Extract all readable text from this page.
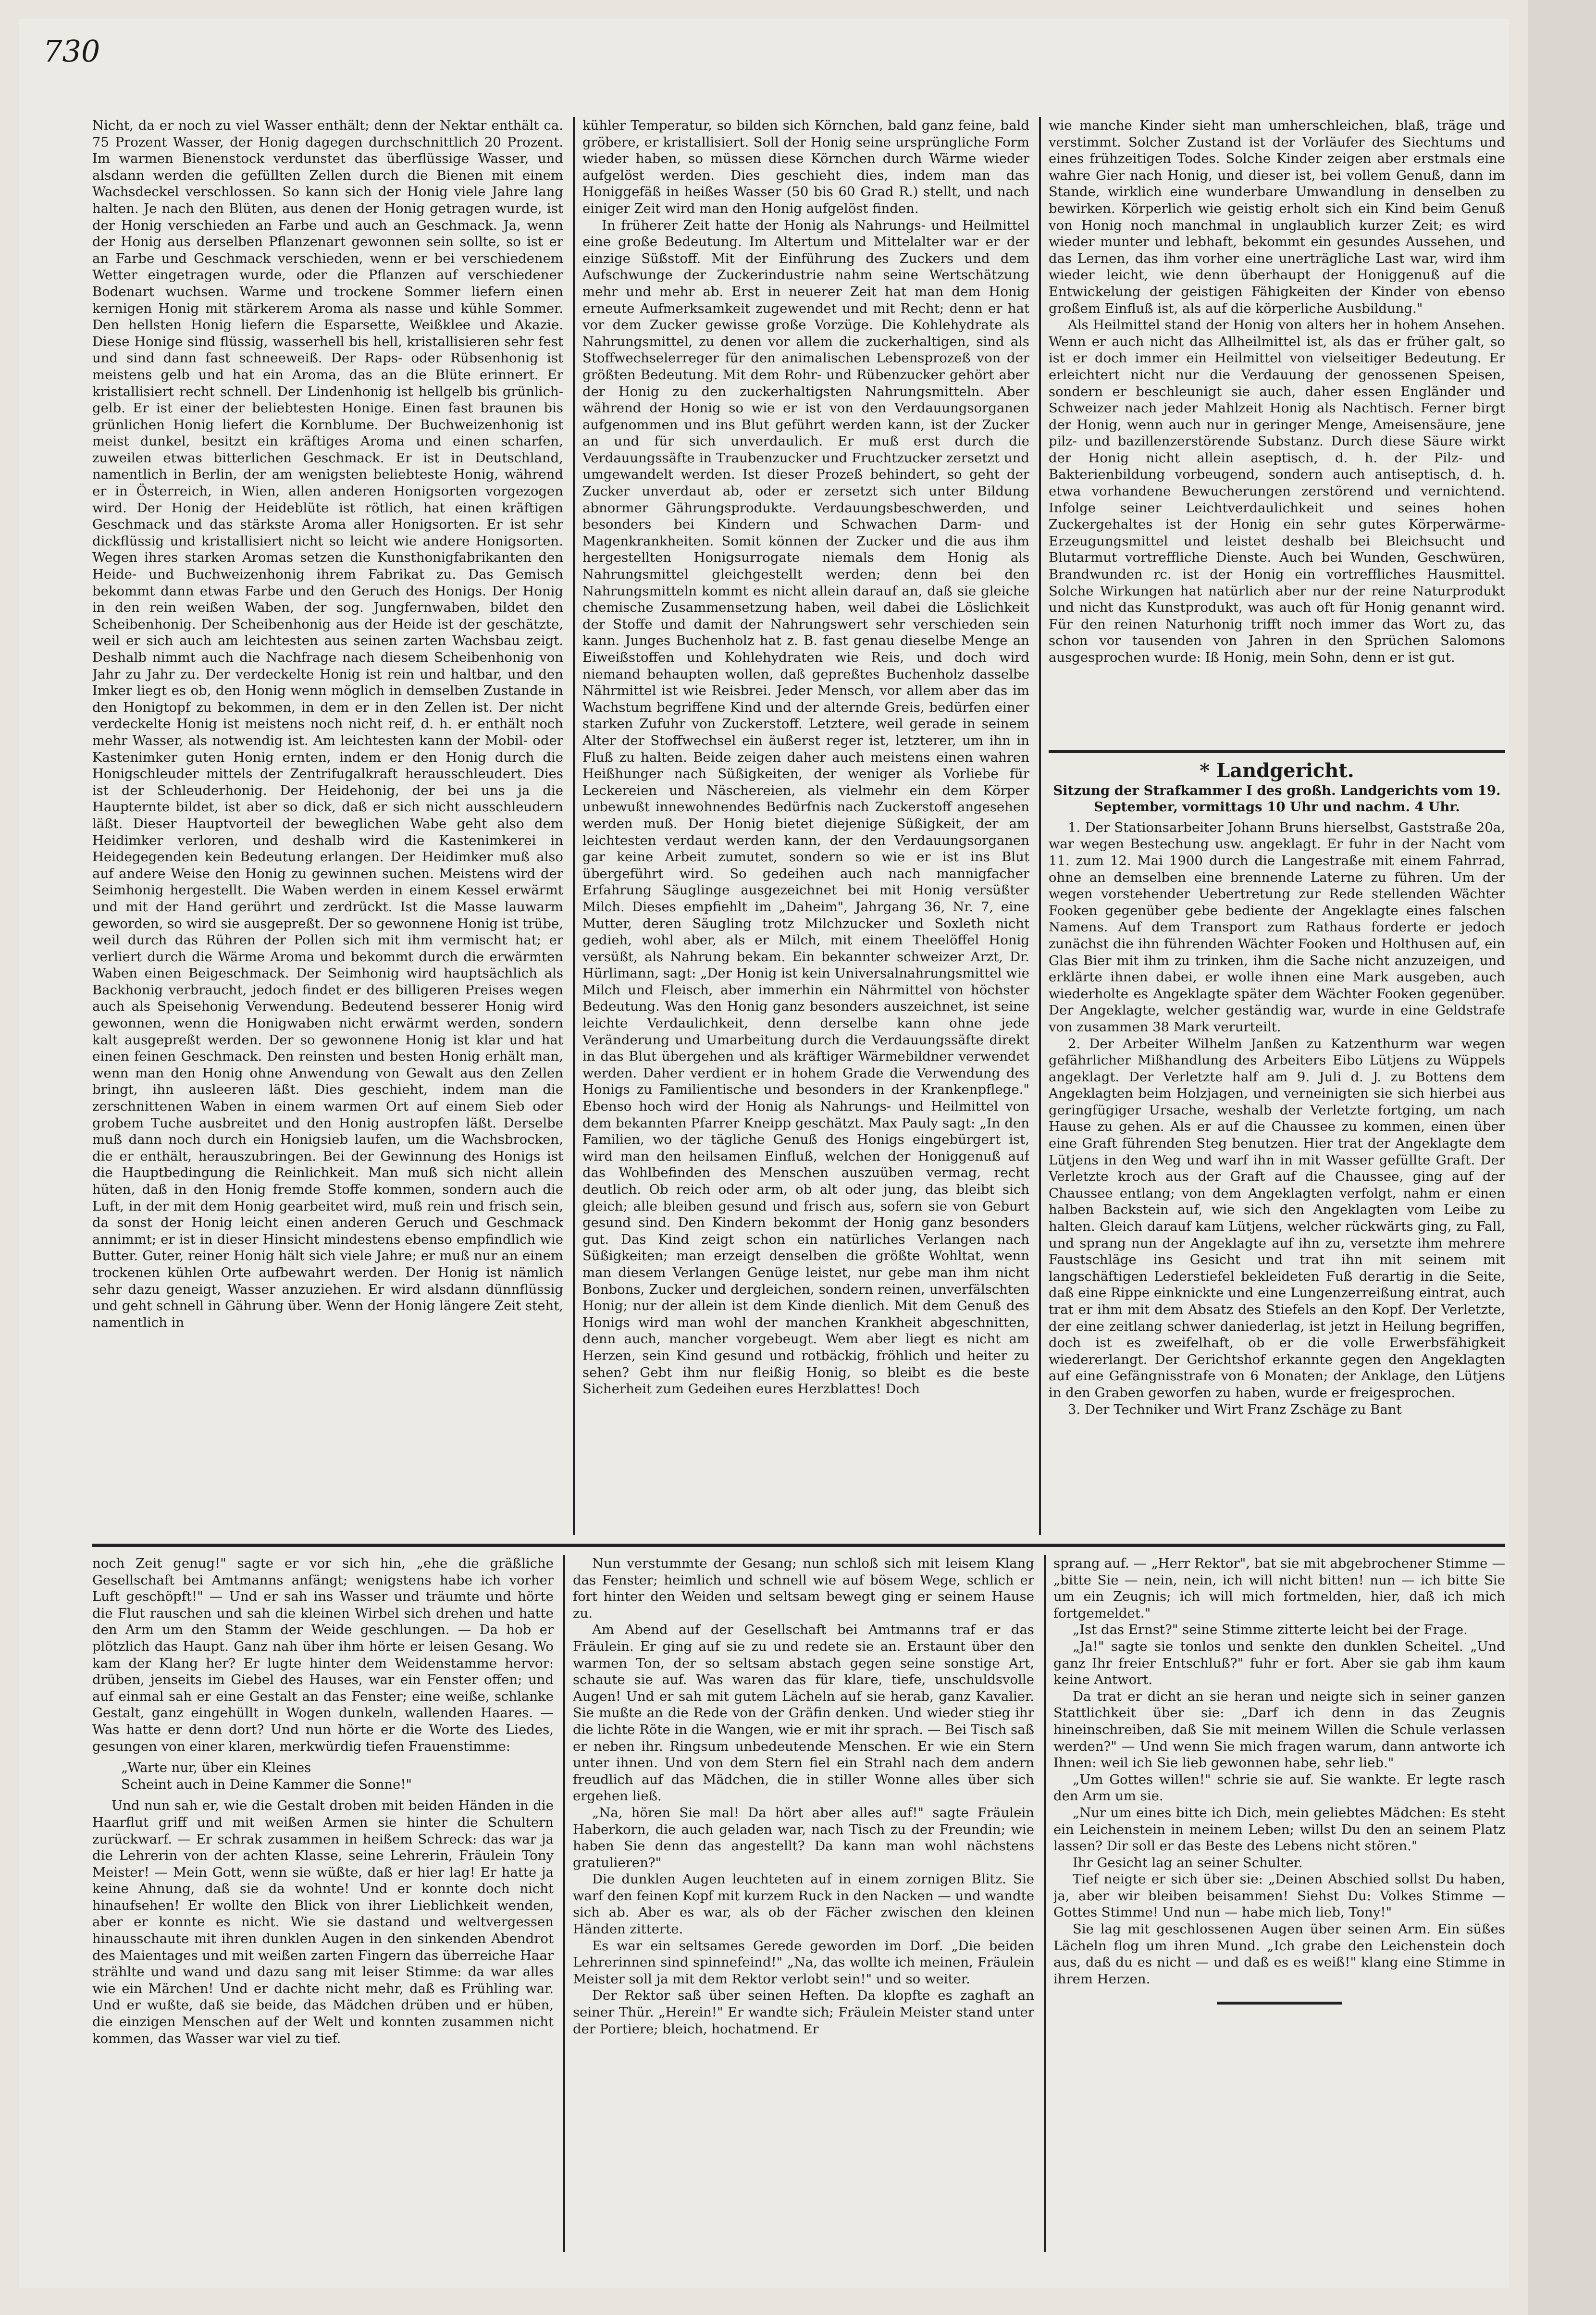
730

Nicht, da er noch zu viel Wasser enthält; denn der Nektar enthält ca. 75 Prozent Wasser, der Honig dagegen durchschnittlich 20 Prozent. Im warmen Bienenstock verdunstet das überflüssige Wasser, und alsdann werden die gefüllten Zellen durch die Bienen mit einem Wachsdeckel verschlossen. So kann sich der Honig viele Jahre lang halten. Je nach den Blüten, aus denen der Honig getragen wurde, ist der Honig verschieden an Farbe und auch an Geschmack. Ja, wenn der Honig aus derselben Pflanzenart gewonnen sein sollte, so ist er an Farbe und Geschmack verschieden, wenn er bei verschiedenem Wetter eingetragen wurde, oder die Pflanzen auf verschiedener Bodenart wuchsen. Warme und trockene Sommer liefern einen kernigen Honig mit stärkerem Aroma als nasse und kühle Sommer. Den hellsten Honig liefern die Esparsette, Weißklee und Akazie. Diese Honige sind flüssig, wasserhell bis hell, kristallisieren sehr fest und sind dann fast schneeweiß. Der Raps- oder Rübsenhonig ist meistens gelb und hat ein Aroma, das an die Blüte erinnert. Er kristallisiert recht schnell. Der Lindenhonig ist hellgelb bis grünlich-gelb. Er ist einer der beliebtesten Honige. Einen fast braunen bis grünlichen Honig liefert die Kornblume. Der Buchweizenhonig ist meist dunkel, besitzt ein kräftiges Aroma und einen scharfen, zuweilen etwas bitterlichen Geschmack. Er ist in Deutschland, namentlich in Berlin, der am wenigsten beliebteste Honig, während er in Österreich, in Wien, allen anderen Honigsorten vorgezogen wird. Der Honig der Heideblüte ist rötlich, hat einen kräftigen Geschmack und das stärkste Aroma aller Honigsorten. Er ist sehr dickflüssig und kristallisiert nicht so leicht wie andere Honigsorten. Wegen ihres starken Aromas setzen die Kunsthonigfabrikanten den Heide- und Buchweizenhonig ihrem Fabrikat zu. Das Gemisch bekommt dann etwas Farbe und den Geruch des Honigs. Der Honig in den rein weißen Waben, der sog. Jungfernwaben, bildet den Scheibenhonig. Der Scheibenhonig aus der Heide ist der geschätzte, weil er sich auch am leichtesten aus seinen zarten Wachsbau zeigt. Deshalb nimmt auch die Nachfrage nach diesem Scheibenhonig von Jahr zu Jahr zu. Der verdeckelte Honig ist rein und haltbar, und den Imker liegt es ob, den Honig wenn möglich in demselben Zustande in den Honigtopf zu bekommen, in dem er in den Zellen ist. Der nicht verdeckelte Honig ist meistens noch nicht reif, d. h. er enthält noch mehr Wasser, als notwendig ist. Am leichtesten kann der Mobil- oder Kastenimker guten Honig ernten, indem er den Honig durch die Honigschleuder mittels der Zentrifugalkraft herausschleudert. Dies ist der Schleuderhonig. Der Heidehonig, der bei uns ja die Haupternte bildet, ist aber so dick, daß er sich nicht ausschleudern läßt. Dieser Hauptvorteil der beweglichen Wabe geht also dem Heidimker verloren, und deshalb wird die Kastenimkerei in Heidegegenden kein Bedeutung erlangen. Der Heidimker muß also auf andere Weise den Honig zu gewinnen suchen. Meistens wird der Seimhonig hergestellt. Die Waben werden in einem Kessel erwärmt und mit der Hand gerührt und zerdrückt. Ist die Masse lauwarm geworden, so wird sie ausgepreßt. Der so gewonnene Honig ist trübe, weil durch das Rühren der Pollen sich mit ihm vermischt hat; er verliert durch die Wärme Aroma und bekommt durch die erwärmten Waben einen Beigeschmack. Der Seimhonig wird hauptsächlich als Backhonig verbraucht, jedoch findet er des billigeren Preises wegen auch als Speisehonig Verwendung. Bedeutend besserer Honig wird gewonnen, wenn die Honigwaben nicht erwärmt werden, sondern kalt ausgepreßt werden. Der so gewonnene Honig ist klar und hat einen feinen Geschmack. Den reinsten und besten Honig erhält man, wenn man den Honig ohne Anwendung von Gewalt aus den Zellen bringt, ihn ausleeren läßt. Dies geschieht, indem man die zerschnittenen Waben in einem warmen Ort auf einem Sieb oder grobem Tuche ausbreitet und den Honig austropfen läßt. Derselbe muß dann noch durch ein Honigsieb laufen, um die Wachsbrocken, die er enthält, herauszubringen. Bei der Gewinnung des Honigs ist die Hauptbedingung die Reinlichkeit. Man muß sich nicht allein hüten, daß in den Honig fremde Stoffe kommen, sondern auch die Luft, in der mit dem Honig gearbeitet wird, muß rein und frisch sein, da sonst der Honig leicht einen anderen Geruch und Geschmack annimmt; er ist in dieser Hinsicht mindestens ebenso empfindlich wie Butter. Guter, reiner Honig hält sich viele Jahre; er muß nur an einem trockenen kühlen Orte aufbewahrt werden. Der Honig ist nämlich sehr dazu geneigt, Wasser anzuziehen. Er wird alsdann dünnflüssig und geht schnell in Gährung über. Wenn der Honig längere Zeit steht, namentlich in

kühler Temperatur, so bilden sich Körnchen, bald ganz feine, bald gröbere, er kristallisiert. Soll der Honig seine ursprüngliche Form wieder haben, so müssen diese Körnchen durch Wärme wieder aufgelöst werden. Dies geschieht dies, indem man das Honiggefäß in heißes Wasser (50 bis 60 Grad R.) stellt, und nach einiger Zeit wird man den Honig aufgelöst finden.

In früherer Zeit hatte der Honig als Nahrungs- und Heilmittel eine große Bedeutung. Im Altertum und Mittelalter war er der einzige Süßstoff. Mit der Einführung des Zuckers und dem Aufschwunge der Zuckerindustrie nahm seine Wertschätzung mehr und mehr ab. Erst in neuerer Zeit hat man dem Honig erneute Aufmerksamkeit zugewendet und mit Recht; denn er hat vor dem Zucker gewisse große Vorzüge. Die Kohlehydrate als Nahrungsmittel, zu denen vor allem die zuckerhaltigen, sind als Stoffwechselerreger für den animalischen Lebensprozeß von der größten Bedeutung. Mit dem Rohr- und Rübenzucker gehört aber der Honig zu den zuckerhaltigsten Nahrungsmitteln. Aber während der Honig so wie er ist von den Verdauungsorganen aufgenommen und ins Blut geführt werden kann, ist der Zucker an und für sich unverdaulich. Er muß erst durch die Verdauungssäfte in Traubenzucker und Fruchtzucker zersetzt und umgewandelt werden. Ist dieser Prozeß behindert, so geht der Zucker unverdaut ab, oder er zersetzt sich unter Bildung abnormer Gährungsprodukte. Verdauungsbeschwerden, und besonders bei Kindern und Schwachen Darm- und Magenkrankheiten. Somit können der Zucker und die aus ihm hergestellten Honigsurrogate niemals dem Honig als Nahrungsmittel gleichgestellt werden; denn bei den Nahrungsmitteln kommt es nicht allein darauf an, daß sie gleiche chemische Zusammensetzung haben, weil dabei die Löslichkeit der Stoffe und damit der Nahrungswert sehr verschieden sein kann. Junges Buchenholz hat z. B. fast genau dieselbe Menge an Eiweißstoffen und Kohlehydraten wie Reis, und doch wird niemand behaupten wollen, daß gepreßtes Buchenholz dasselbe Nährmittel ist wie Reisbrei. Jeder Mensch, vor allem aber das im Wachstum begriffene Kind und der alternde Greis, bedürfen einer starken Zufuhr von Zuckerstoff. Letztere, weil gerade in seinem Alter der Stoffwechsel ein äußerst reger ist, letzterer, um ihn in Fluß zu halten. Beide zeigen daher auch meistens einen wahren Heißhunger nach Süßigkeiten, der weniger als Vorliebe für Leckereien und Näschereien, als vielmehr ein dem Körper unbewußt innewohnendes Bedürfnis nach Zuckerstoff angesehen werden muß. Der Honig bietet diejenige Süßigkeit, der am leichtesten verdaut werden kann, der den Verdauungsorganen gar keine Arbeit zumutet, sondern so wie er ist ins Blut übergeführt wird. So gedeihen auch nach mannigfacher Erfahrung Säuglinge ausgezeichnet bei mit Honig versüßter Milch. Dieses empfiehlt im „Daheim", Jahrgang 36, Nr. 7, eine Mutter, deren Säugling trotz Milchzucker und Soxleth nicht gedieh, wohl aber, als er Milch, mit einem Theelöffel Honig versüßt, als Nahrung bekam. Ein bekannter schweizer Arzt, Dr. Hürlimann, sagt: „Der Honig ist kein Universalnahrungsmittel wie Milch und Fleisch, aber immerhin ein Nährmittel von höchster Bedeutung. Was den Honig ganz besonders auszeichnet, ist seine leichte Verdaulichkeit, denn derselbe kann ohne jede Veränderung und Umarbeitung durch die Verdauungssäfte direkt in das Blut übergehen und als kräftiger Wärmebildner verwendet werden. Daher verdient er in hohem Grade die Verwendung des Honigs zu Familientische und besonders in der Krankenpflege." Ebenso hoch wird der Honig als Nahrungs- und Heilmittel von dem bekannten Pfarrer Kneipp geschätzt. Max Pauly sagt: „In den Familien, wo der tägliche Genuß des Honigs eingebürgert ist, wird man den heilsamen Einfluß, welchen der Honiggenuß auf das Wohlbefinden des Menschen auszuüben vermag, recht deutlich. Ob reich oder arm, ob alt oder jung, das bleibt sich gleich; alle bleiben gesund und frisch aus, sofern sie von Geburt gesund sind. Den Kindern bekommt der Honig ganz besonders gut. Das Kind zeigt schon ein natürliches Verlangen nach Süßigkeiten; man erzeigt denselben die größte Wohltat, wenn man diesem Verlangen Genüge leistet, nur gebe man ihm nicht Bonbons, Zucker und dergleichen, sondern reinen, unverfälschten Honig; nur der allein ist dem Kinde dienlich. Mit dem Genuß des Honigs wird man wohl der manchen Krankheit abgeschnitten, denn auch, mancher vorgebeugt. Wem aber liegt es nicht am Herzen, sein Kind gesund und rotbäckig, fröhlich und heiter zu sehen? Gebt ihm nur fleißig Honig, so bleibt es die beste Sicherheit zum Gedeihen eures Herzblattes! Doch

wie manche Kinder sieht man umherschleichen, blaß, träge und verstimmt. Solcher Zustand ist der Vorläufer des Siechtums und eines frühzeitigen Todes. Solche Kinder zeigen aber erstmals eine wahre Gier nach Honig, und dieser ist, bei vollem Genuß, dann im Stande, wirklich eine wunderbare Umwandlung in denselben zu bewirken. Körperlich wie geistig erholt sich ein Kind beim Genuß von Honig noch manchmal in unglaublich kurzer Zeit; es wird wieder munter und lebhaft, bekommt ein gesundes Aussehen, und das Lernen, das ihm vorher eine unerträgliche Last war, wird ihm wieder leicht, wie denn überhaupt der Honiggenuß auf die Entwickelung der geistigen Fähigkeiten der Kinder von ebenso großem Einfluß ist, als auf die körperliche Ausbildung."

Als Heilmittel stand der Honig von alters her in hohem Ansehen. Wenn er auch nicht das Allheilmittel ist, als das er früher galt, so ist er doch immer ein Heilmittel von vielseitiger Bedeutung. Er erleichtert nicht nur die Verdauung der genossenen Speisen, sondern er beschleunigt sie auch, daher essen Engländer und Schweizer nach jeder Mahlzeit Honig als Nachtisch. Ferner birgt der Honig, wenn auch nur in geringer Menge, Ameisensäure, jene pilz- und bazillenzerstörende Substanz. Durch diese Säure wirkt der Honig nicht allein aseptisch, d. h. der Pilz- und Bakterienbildung vorbeugend, sondern auch antiseptisch, d. h. etwa vorhandene Bewucherungen zerstörend und vernichtend. Infolge seiner Leichtverdaulichkeit und seines hohen Zuckergehaltes ist der Honig ein sehr gutes Körperwärme-Erzeugungsmittel und leistet deshalb bei Bleichsucht und Blutarmut vortreffliche Dienste. Auch bei Wunden, Geschwüren, Brandwunden rc. ist der Honig ein vortreffliches Hausmittel. Solche Wirkungen hat natürlich aber nur der reine Naturprodukt und nicht das Kunstprodukt, was auch oft für Honig genannt wird. Für den reinen Naturhonig trifft noch immer das Wort zu, das schon vor tausenden von Jahren in den Sprüchen Salomons ausgesprochen wurde: Iß Honig, mein Sohn, denn er ist gut.

* Landgericht.

Sitzung der Strafkammer I des großh. Landgerichts vom 19. September, vormittags 10 Uhr und nachm. 4 Uhr.

1. Der Stationsarbeiter Johann Bruns hierselbst, Gaststraße 20a, war wegen Bestechung usw. angeklagt. Er fuhr in der Nacht vom 11. zum 12. Mai 1900 durch die Langestraße mit einem Fahrrad, ohne an demselben eine brennende Laterne zu führen. Um der wegen vorstehender Uebertretung zur Rede stellenden Wächter Fooken gegenüber gebe bediente der Angeklagte eines falschen Namens. Auf dem Transport zum Rathaus forderte er jedoch zunächst die ihn führenden Wächter Fooken und Holthusen auf, ein Glas Bier mit ihm zu trinken, ihm die Sache nicht anzuzeigen, und erklärte ihnen dabei, er wolle ihnen eine Mark ausgeben, auch wiederholte es Angeklagte später dem Wächter Fooken gegenüber. Der Angeklagte, welcher geständig war, wurde in eine Geldstrafe von zusammen 38 Mark verurteilt.

2. Der Arbeiter Wilhelm Janßen zu Katzenthurm war wegen gefährlicher Mißhandlung des Arbeiters Eibo Lütjens zu Wüppels angeklagt. Der Verletzte half am 9. Juli d. J. zu Bottens dem Angeklagten beim Holzjagen, und verneinigten sie sich hierbei aus geringfügiger Ursache, weshalb der Verletzte fortging, um nach Hause zu gehen. Als er auf die Chaussee zu kommen, einen über eine Graft führenden Steg benutzen. Hier trat der Angeklagte dem Lütjens in den Weg und warf ihn in mit Wasser gefüllte Graft. Der Verletzte kroch aus der Graft auf die Chaussee, ging auf der Chaussee entlang; von dem Angeklagten verfolgt, nahm er einen halben Backstein auf, wie sich den Angeklagten vom Leibe zu halten. Gleich darauf kam Lütjens, welcher rückwärts ging, zu Fall, und sprang nun der Angeklagte auf ihn zu, versetzte ihm mehrere Faustschläge ins Gesicht und trat ihn mit seinem mit langschäftigen Lederstiefel bekleideten Fuß derartig in die Seite, daß eine Rippe einknickte und eine Lungenzerreißung eintrat, auch trat er ihm mit dem Absatz des Stiefels an den Kopf. Der Verletzte, der eine zeitlang schwer daniederlag, ist jetzt in Heilung begriffen, doch ist es zweifelhaft, ob er die volle Erwerbsfähigkeit wiedererlangt. Der Gerichtshof erkannte gegen den Angeklagten auf eine Gefängnisstrafe von 6 Monaten; der Anklage, den Lütjens in den Graben geworfen zu haben, wurde er freigesprochen.

3. Der Techniker und Wirt Franz Zschäge zu Bant

noch Zeit genug!" sagte er vor sich hin, „ehe die gräßliche Gesellschaft bei Amtmanns anfängt; wenigstens habe ich vorher Luft geschöpft!" — Und er sah ins Wasser und träumte und hörte die Flut rauschen und sah die kleinen Wirbel sich drehen und hatte den Arm um den Stamm der Weide geschlungen. — Da hob er plötzlich das Haupt. Ganz nah über ihm hörte er leisen Gesang. Wo kam der Klang her? Er lugte hinter dem Weidenstamme hervor: drüben, jenseits im Giebel des Hauses, war ein Fenster offen; und auf einmal sah er eine Gestalt an das Fenster; eine weiße, schlanke Gestalt, ganz eingehüllt in Wogen dunkeln, wallenden Haares. — Was hatte er denn dort? Und nun hörte er die Worte des Liedes, gesungen von einer klaren, merkwürdig tiefen Frauenstimme:

„Warte nur, über ein Kleines
Scheint auch in Deine Kammer die Sonne!"

Und nun sah er, wie die Gestalt droben mit beiden Händen in die Haarflut griff und mit weißen Armen sie hinter die Schultern zurückwarf. — Er schrak zusammen in heißem Schreck: das war ja die Lehrerin von der achten Klasse, seine Lehrerin, Fräulein Tony Meister! — Mein Gott, wenn sie wüßte, daß er hier lag! Er hatte ja keine Ahnung, daß sie da wohnte! Und er konnte doch nicht hinaufsehen! Er wollte den Blick von ihrer Lieblichkeit wenden, aber er konnte es nicht. Wie sie dastand und weltvergessen hinausschaute mit ihren dunklen Augen in den sinkenden Abendrot des Maientages und mit weißen zarten Fingern das überreiche Haar strählte und wand und dazu sang mit leiser Stimme: da war alles wie ein Märchen! Und er dachte nicht mehr, daß es Frühling war. Und er wußte, daß sie beide, das Mädchen drüben und er hüben, die einzigen Menschen auf der Welt und konnten zusammen nicht kommen, das Wasser war viel zu tief.

Nun verstummte der Gesang; nun schloß sich mit leisem Klang das Fenster; heimlich und schnell wie auf bösem Wege, schlich er fort hinter den Weiden und seltsam bewegt ging er seinem Hause zu.

Am Abend auf der Gesellschaft bei Amtmanns traf er das Fräulein. Er ging auf sie zu und redete sie an. Erstaunt über den warmen Ton, der so seltsam abstach gegen seine sonstige Art, schaute sie auf. Was waren das für klare, tiefe, unschuldsvolle Augen! Und er sah mit gutem Lächeln auf sie herab, ganz Kavalier. Sie mußte an die Rede von der Gräfin denken. Und wieder stieg ihr die lichte Röte in die Wangen, wie er mit ihr sprach. — Bei Tisch saß er neben ihr. Ringsum unbedeutende Menschen. Er wie ein Stern unter ihnen. Und von dem Stern fiel ein Strahl nach dem andern freudlich auf das Mädchen, die in stiller Wonne alles über sich ergehen ließ.

„Na, hören Sie mal! Da hört aber alles auf!" sagte Fräulein Haberkorn, die auch geladen war, nach Tisch zu der Freundin; wie haben Sie denn das angestellt? Da kann man wohl nächstens gratulieren?"

Die dunklen Augen leuchteten auf in einem zornigen Blitz. Sie warf den feinen Kopf mit kurzem Ruck in den Nacken — und wandte sich ab. Aber es war, als ob der Fächer zwischen den kleinen Händen zitterte.

Es war ein seltsames Gerede geworden im Dorf. „Die beiden Lehrerinnen sind spinnefeind!" „Na, das wollte ich meinen, Fräulein Meister soll ja mit dem Rektor verlobt sein!" und so weiter.

Der Rektor saß über seinen Heften. Da klopfte es zaghaft an seiner Thür. „Herein!" Er wandte sich; Fräulein Meister stand unter der Portiere; bleich, hochatmend. Er

sprang auf. — „Herr Rektor", bat sie mit abgebrochener Stimme — „bitte Sie — nein, nein, ich will nicht bitten! nun — ich bitte Sie um ein Zeugnis; ich will mich fortmelden, hier, daß ich mich fortgemeldet."

„Ist das Ernst?" seine Stimme zitterte leicht bei der Frage.

„Ja!" sagte sie tonlos und senkte den dunklen Scheitel. „Und ganz Ihr freier Entschluß?" fuhr er fort. Aber sie gab ihm kaum keine Antwort.

Da trat er dicht an sie heran und neigte sich in seiner ganzen Stattlichkeit über sie: „Darf ich denn in das Zeugnis hineinschreiben, daß Sie mit meinem Willen die Schule verlassen werden?" — Und wenn Sie mich fragen warum, dann antworte ich Ihnen: weil ich Sie lieb gewonnen habe, sehr lieb."

„Um Gottes willen!" schrie sie auf. Sie wankte. Er legte rasch den Arm um sie.

„Nur um eines bitte ich Dich, mein geliebtes Mädchen: Es steht ein Leichenstein in meinem Leben; willst Du den an seinem Platz lassen? Dir soll er das Beste des Lebens nicht stören."

Ihr Gesicht lag an seiner Schulter.

Tief neigte er sich über sie: „Deinen Abschied sollst Du haben, ja, aber wir bleiben beisammen! Siehst Du: Volkes Stimme — Gottes Stimme! Und nun — habe mich lieb, Tony!"

Sie lag mit geschlossenen Augen über seinen Arm. Ein süßes Lächeln flog um ihren Mund. „Ich grabe den Leichenstein doch aus, daß du es nicht — und daß es es weiß!" klang eine Stimme in ihrem Herzen.
